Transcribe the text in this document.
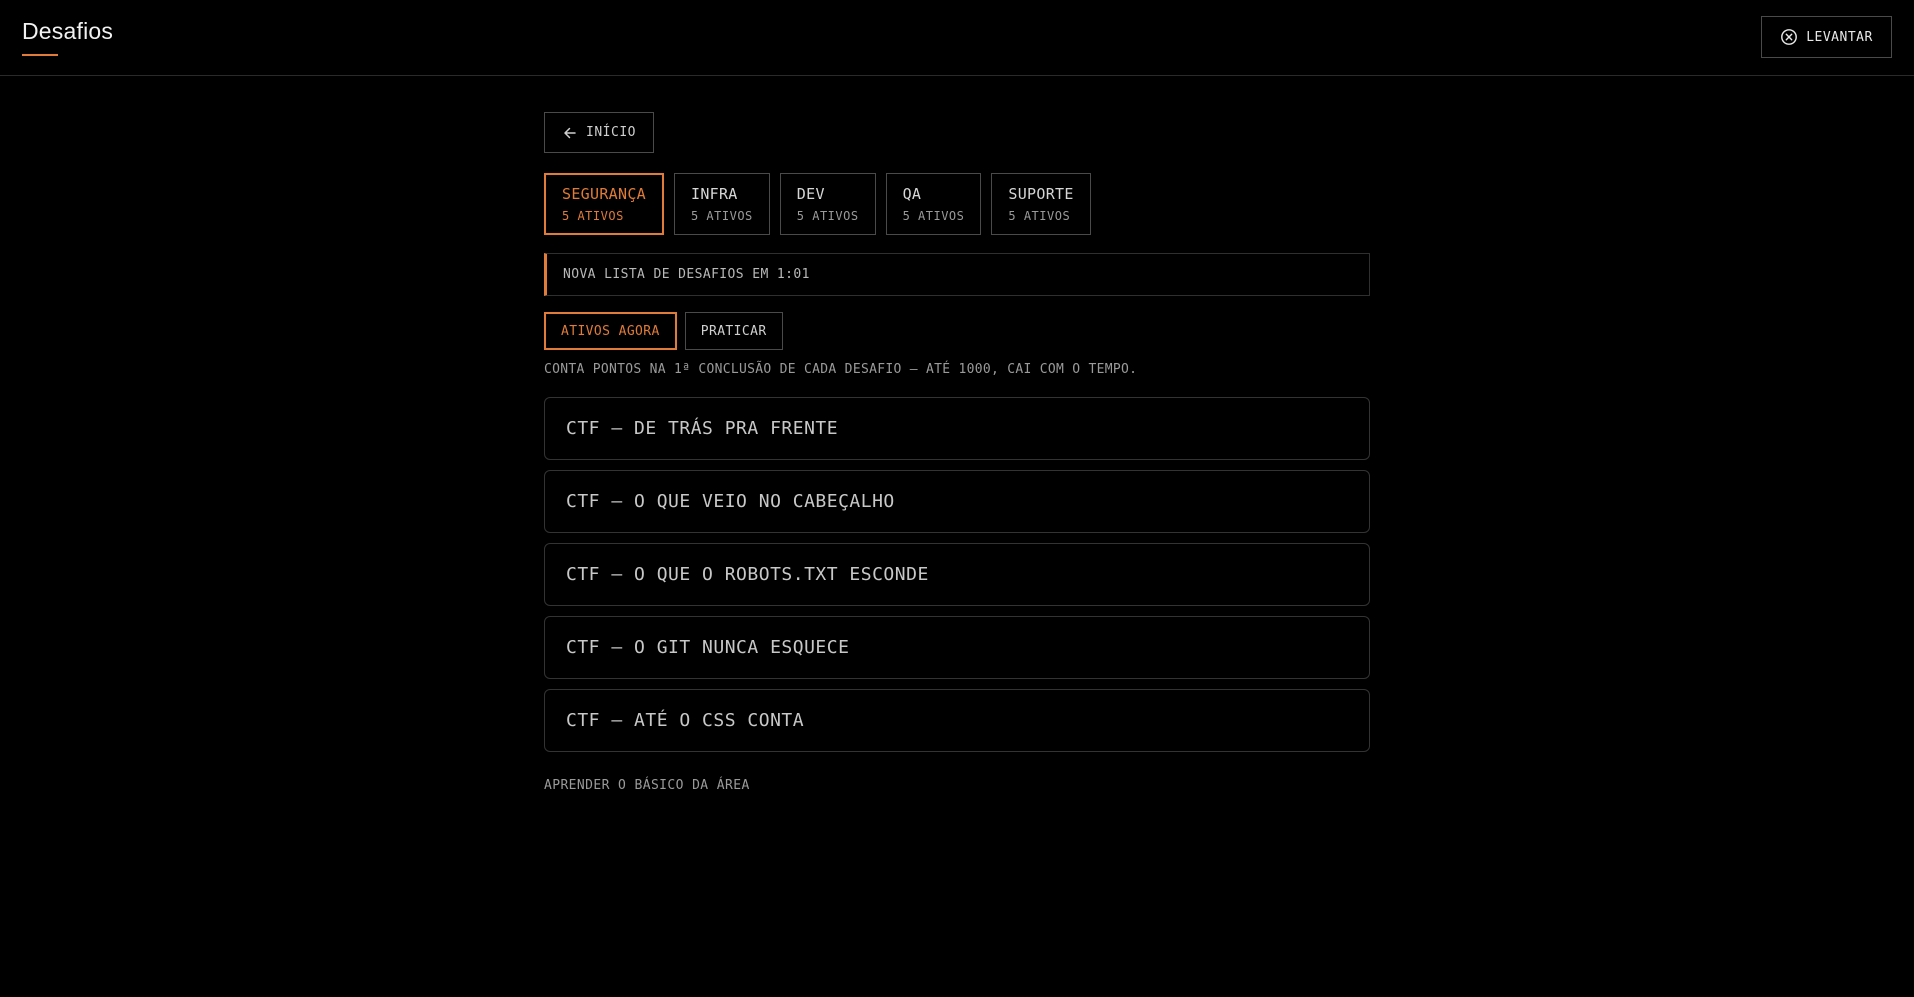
Desafios	LEVANTAR
INÍCIO
SEGURANÇA
5 ATIVOS
INFRA
5 ATIVOS
DEV
5 ATIVOS
QA
5 ATIVOS
SUPORTE
5 ATIVOS
NOVA LISTA DE DESAFIOS EM 1:01
ATIVOS AGORA	PRATICAR
CONTA PONTOS NA 1ª CONCLUSÃO DE CADA DESAFIO — ATÉ 1000, CAI COM O TEMPO.
CTF — DE TRÁS PRA FRENTE
CTF — O QUE VEIO NO CABEÇALHO
CTF — O QUE O ROBOTS.TXT ESCONDE
CTF — O GIT NUNCA ESQUECE
CTF — ATÉ O CSS CONTA
APRENDER O BÁSICO DA ÁREA
